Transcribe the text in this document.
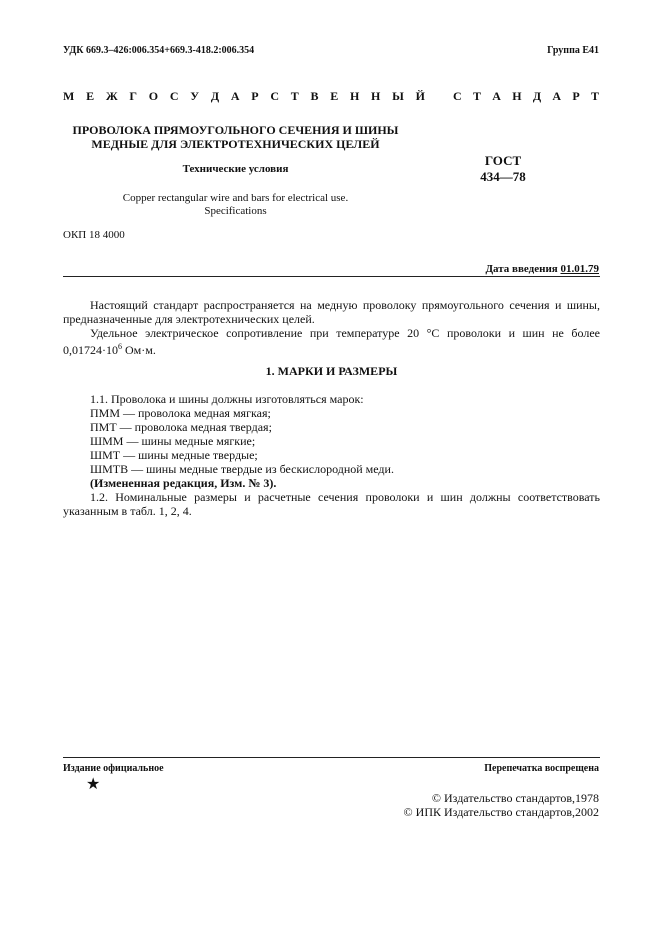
УДК 669.3–426:006.354+669.3-418.2:006.354	Группа Е41
М Е Ж Г О С У Д А Р С Т В Е Н Н Ы Й С Т А Н Д А Р Т
ПРОВОЛОКА ПРЯМОУГОЛЬНОГО СЕЧЕНИЯ И ШИНЫ
МЕДНЫЕ ДЛЯ ЭЛЕКТРОТЕХНИЧЕСКИХ ЦЕЛЕЙ
ГОСТ
434—78
Технические условия
Copper rectangular wire and bars for electrical use.
Specifications
ОКП 18 4000
Дата введения 01.01.79

Настоящий стандарт распространяется на медную проволоку прямоугольного сечения и шины, предназначенные для электротехнических целей.

Удельное электрическое сопротивление при температуре 20 °С проволоки и шин не более $0,01724\cdot 10^6$ Ом·м.

1. МАРКИ И РАЗМЕРЫ

1.1. Проволока и шины должны изготовляться марок:

ПММ — проволока медная мягкая;

ПМТ — проволока медная твердая;

ШММ — шины медные мягкие;

ШМТ — шины медные твердые;

ШМТВ — шины медные твердые из бескислородной меди.

(Измененная редакция, Изм. № 3).

1.2. Номинальные размеры и расчетные сечения проволоки и шин должны соответствовать указанным в табл. 1, 2, 4.

Издание официальное	Перепечатка воспрещена
★
© Издательство стандартов,1978
© ИПК Издательство стандартов,2002
